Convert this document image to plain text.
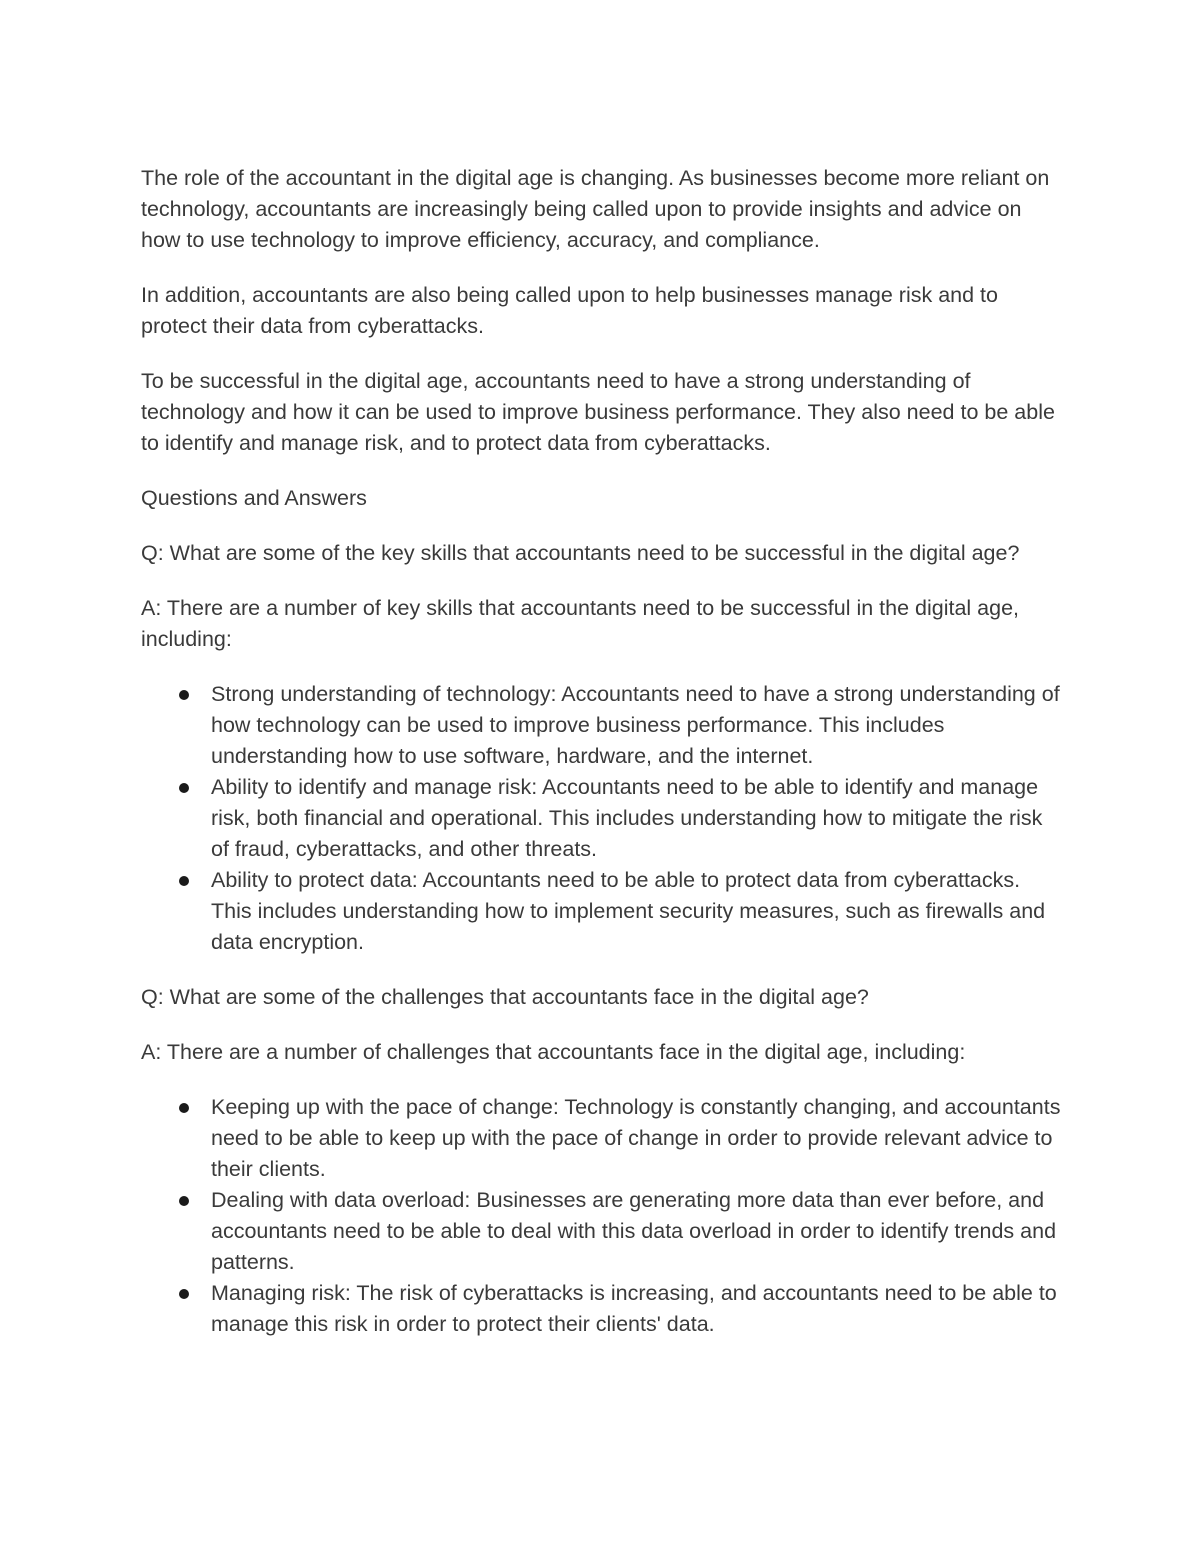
The role of the accountant in the digital age is changing. As businesses become more reliant on technology, accountants are increasingly being called upon to provide insights and advice on how to use technology to improve efficiency, accuracy, and compliance.

In addition, accountants are also being called upon to help businesses manage risk and to protect their data from cyberattacks.

To be successful in the digital age, accountants need to have a strong understanding of technology and how it can be used to improve business performance. They also need to be able to identify and manage risk, and to protect data from cyberattacks.

Questions and Answers

Q: What are some of the key skills that accountants need to be successful in the digital age?

A: There are a number of key skills that accountants need to be successful in the digital age, including:

Strong understanding of technology: Accountants need to have a strong understanding of how technology can be used to improve business performance. This includes understanding how to use software, hardware, and the internet.
Ability to identify and manage risk: Accountants need to be able to identify and manage risk, both financial and operational. This includes understanding how to mitigate the risk of fraud, cyberattacks, and other threats.
Ability to protect data: Accountants need to be able to protect data from cyberattacks. This includes understanding how to implement security measures, such as firewalls and data encryption.

Q: What are some of the challenges that accountants face in the digital age?

A: There are a number of challenges that accountants face in the digital age, including:

Keeping up with the pace of change: Technology is constantly changing, and accountants need to be able to keep up with the pace of change in order to provide relevant advice to their clients.
Dealing with data overload: Businesses are generating more data than ever before, and accountants need to be able to deal with this data overload in order to identify trends and patterns.
Managing risk: The risk of cyberattacks is increasing, and accountants need to be able to manage this risk in order to protect their clients' data.
